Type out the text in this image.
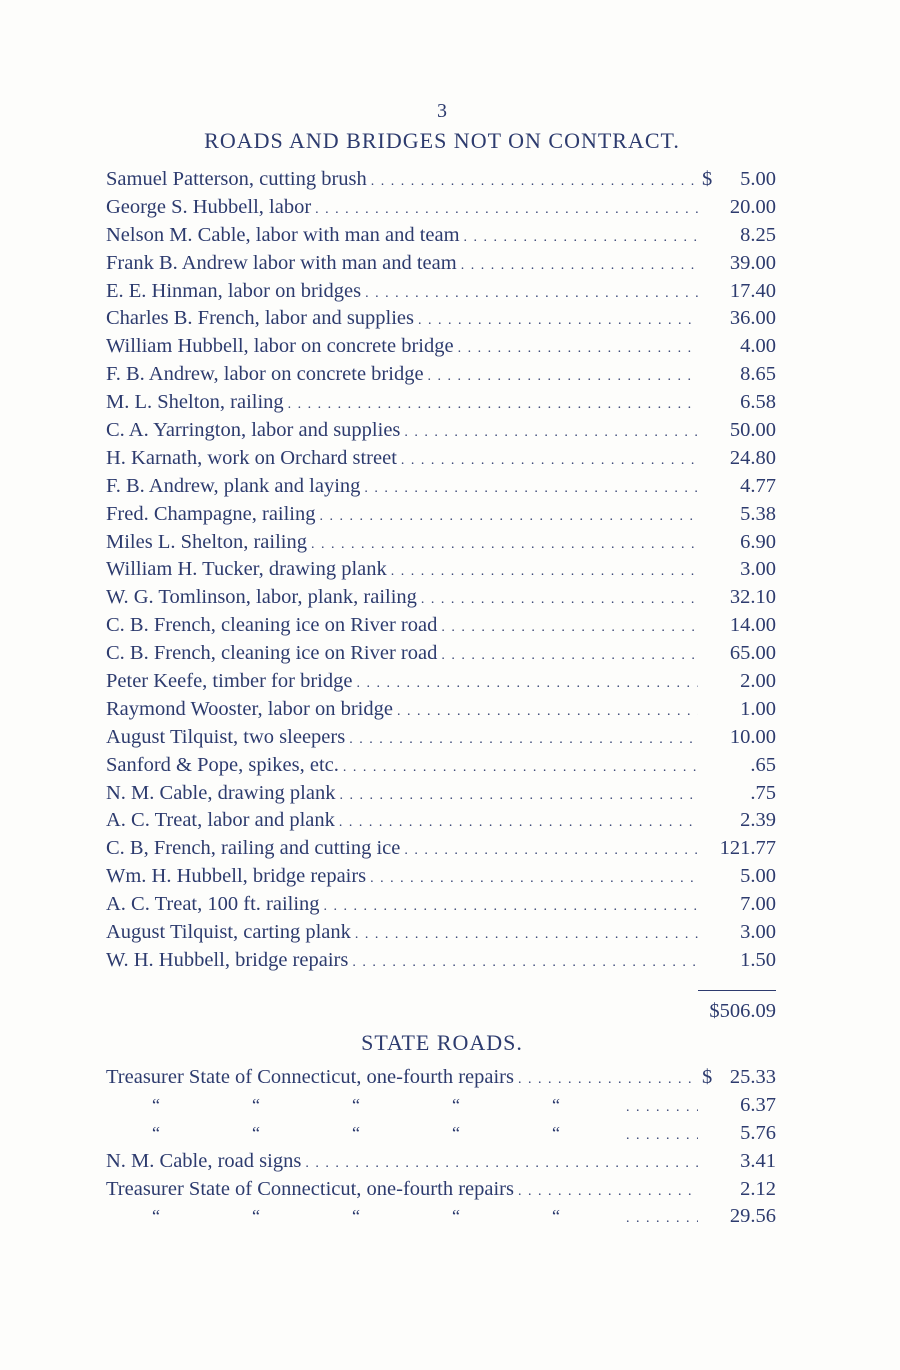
3
ROADS AND BRIDGES NOT ON CONTRACT.
Samuel Patterson, cutting brush . . .	$	5.00
George S. Hubbell, labor . . .	20.00
Nelson M. Cable, labor with man and team . . .	8.25
Frank B. Andrew labor with man and team . . .	39.00
E. E. Hinman, labor on bridges . . .	17.40
Charles B. French, labor and supplies . . .	36.00
William Hubbell, labor on concrete bridge . . .	4.00
F. B. Andrew, labor on concrete bridge . . .	8.65
M. L. Shelton, railing . . .	6.58
C. A. Yarrington, labor and supplies . . .	50.00
H. Karnath, work on Orchard street . . .	24.80
F. B. Andrew, plank and laying . . .	4.77
Fred. Champagne, railing . . .	5.38
Miles L. Shelton, railing . . .	6.90
William H. Tucker, drawing plank . . .	3.00
W. G. Tomlinson, labor, plank, railing . . .	32.10
C. B. French, cleaning ice on River road . . .	14.00
C. B. French, cleaning ice on River road . . .	65.00
Peter Keefe, timber for bridge . . .	2.00
Raymond Wooster, labor on bridge . . .	1.00
August Tilquist, two sleepers . . .	10.00
Sanford & Pope, spikes, etc. . . .	.65
N. M. Cable, drawing plank . . .	.75
A. C. Treat, labor and plank . . .	2.39
C. B, French, railing and cutting ice . . .	121.77
Wm. H. Hubbell, bridge repairs . . .	5.00
A. C. Treat, 100 ft. railing . . .	7.00
August Tilquist, carting plank . . .	3.00
W. H. Hubbell, bridge repairs . . .	1.50
$506.09
STATE ROADS.
Treasurer State of Connecticut, one-fourth repairs . . .	$ 25.33
“	“	“	“	“ . . .	6.37
“	“	“	“	“ . . .	5.76
N. M. Cable, road signs . . .	3.41
Treasurer State of Connecticut, one-fourth repairs . . .	2.12
“	“	“	“	“ . . .	29.56
